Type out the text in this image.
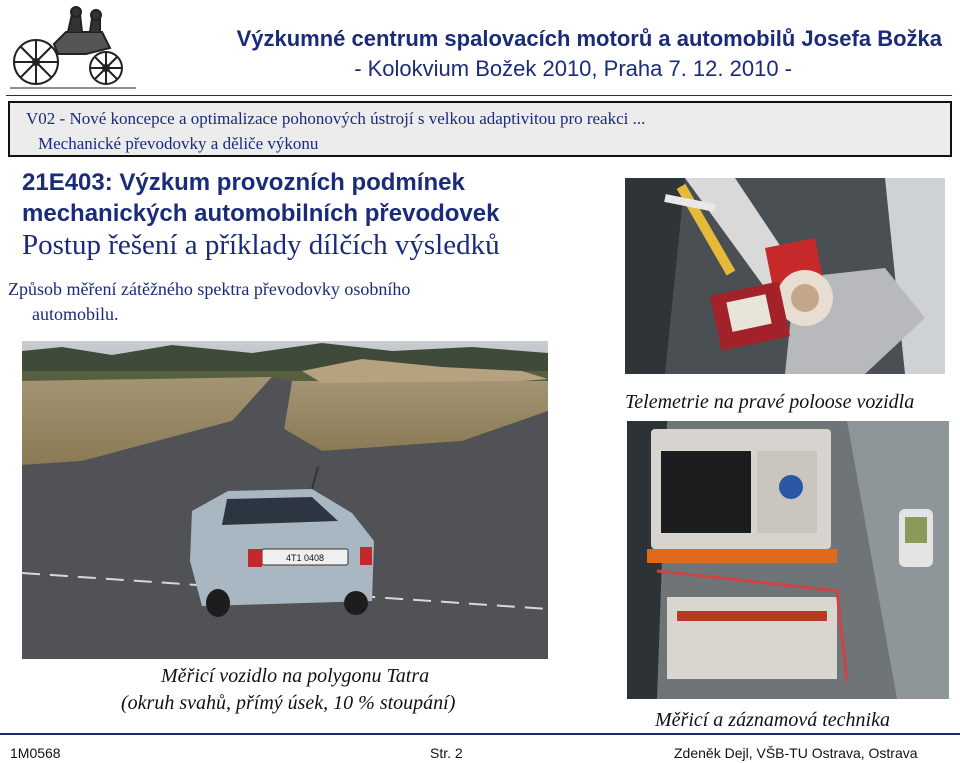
Výzkumné centrum spalovacích motorů a automobilů Josefa Božka
- Kolokvium Božek 2010, Praha 7. 12. 2010 -
V02 - Nové koncepce a optimalizace pohonových ústrojí s velkou adaptivitou pro reakci ...
Mechanické převodovky a děliče výkonu
21E403: Výzkum provozních podmínek
mechanických automobilních převodovek
Postup řešení a příklady dílčích výsledků
Způsob měření zátěžného spektra převodovky osobního
automobilu.
4T1 0408
Telemetrie na pravé poloose vozidla
Měřicí vozidlo na polygonu Tatra
(okruh svahů, přímý úsek, 10 % stoupání)
Měřicí a záznamová technika
1M0568	Str. 2	Zdeněk Dejl, VŠB-TU Ostrava, Ostrava
